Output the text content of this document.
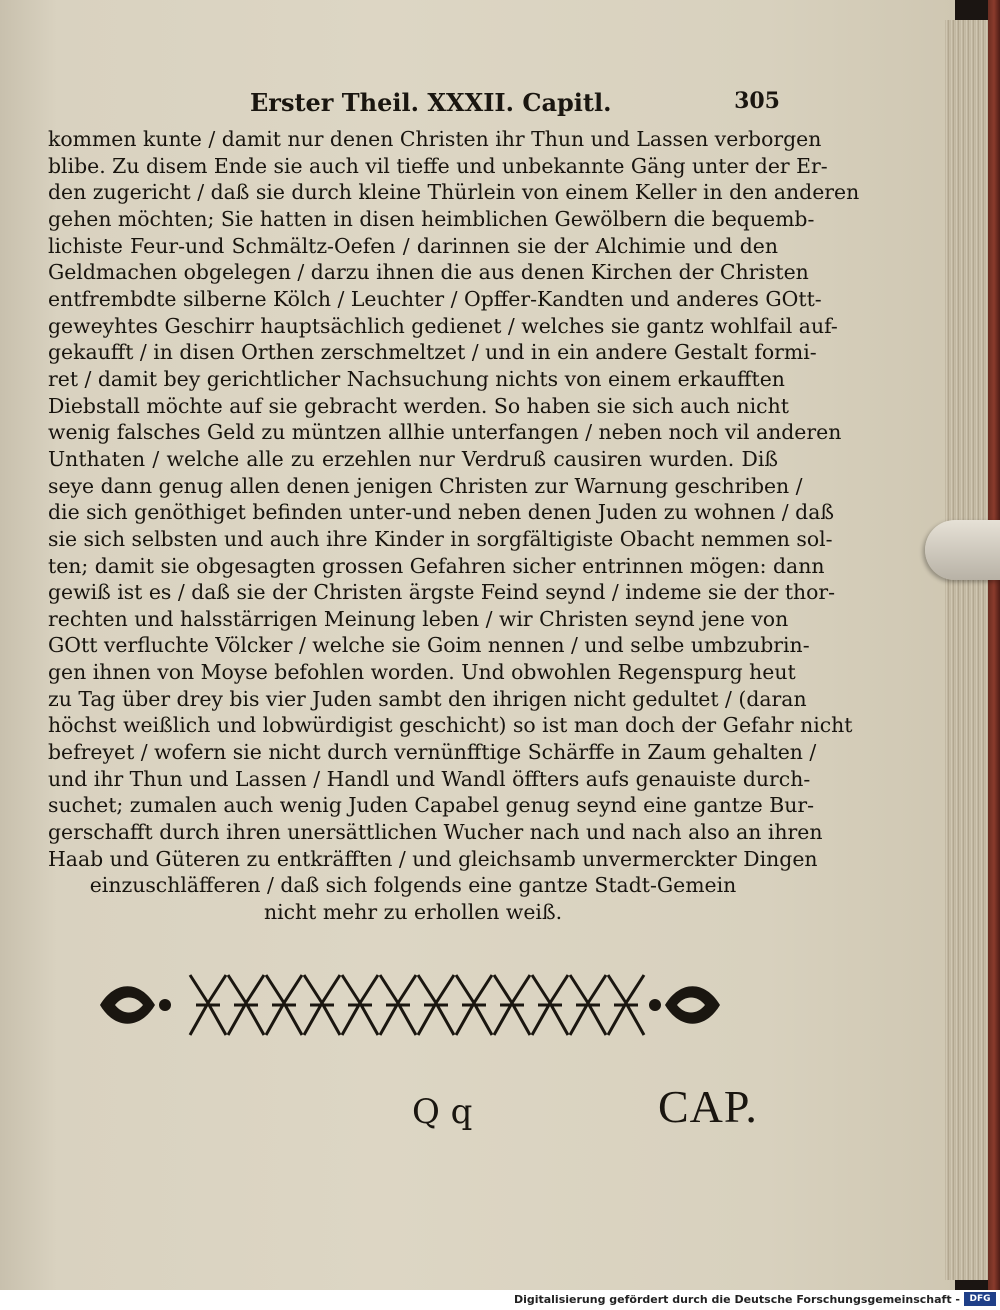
Erster Theil. XXXII. Capitl.	305
kommen kunte / damit nur denen Christen ihr Thun und Lassen verborgen
blibe. Zu disem Ende sie auch vil tieffe und unbekannte Gäng unter der Er-
den zugericht / daß sie durch kleine Thürlein von einem Keller in den anderen
gehen möchten; Sie hatten in disen heimblichen Gewölbern die bequemb-
lichiste Feur-und Schmältz-Oefen / darinnen sie der Alchimie und den
Geldmachen obgelegen / darzu ihnen die aus denen Kirchen der Christen
entfrembdte silberne Kölch / Leuchter / Opffer-Kandten und anderes GOtt-
geweyhtes Geschirr hauptsächlich gedienet / welches sie gantz wohlfail auf-
gekaufft / in disen Orthen zerschmeltzet / und in ein andere Gestalt formi-
ret / damit bey gerichtlicher Nachsuchung nichts von einem erkaufften
Diebstall möchte auf sie gebracht werden. So haben sie sich auch nicht
wenig falsches Geld zu müntzen allhie unterfangen / neben noch vil anderen
Unthaten / welche alle zu erzehlen nur Verdruß causiren wurden. Diß
seye dann genug allen denen jenigen Christen zur Warnung geschriben /
die sich genöthiget befinden unter-und neben denen Juden zu wohnen / daß
sie sich selbsten und auch ihre Kinder in sorgfältigiste Obacht nemmen sol-
ten; damit sie obgesagten grossen Gefahren sicher entrinnen mögen: dann
gewiß ist es / daß sie der Christen ärgste Feind seynd / indeme sie der thor-
rechten und halsstärrigen Meinung leben / wir Christen seynd jene von
GOtt verfluchte Völcker / welche sie Goim nennen / und selbe umbzubrin-
gen ihnen von Moyse befohlen worden. Und obwohlen Regenspurg heut
zu Tag über drey bis vier Juden sambt den ihrigen nicht gedultet / (daran
höchst weißlich und lobwürdigist geschicht) so ist man doch der Gefahr nicht
befreyet / wofern sie nicht durch vernünfftige Schärffe in Zaum gehalten /
und ihr Thun und Lassen / Handl und Wandl öffters aufs genauiste durch-
suchet; zumalen auch wenig Juden Capabel genug seynd eine gantze Bur-
gerschafft durch ihren unersättlichen Wucher nach und nach also an ihren
Haab und Güteren zu entkräfften / und gleichsamb unvermerckter Dingen
einzuschläfferen / daß sich folgends eine gantze Stadt-Gemein
nicht mehr zu erhollen weiß.
Q q	CAP.
Digitalisierung gefördert durch die Deutsche Forschungsgemeinschaft -	DFG
